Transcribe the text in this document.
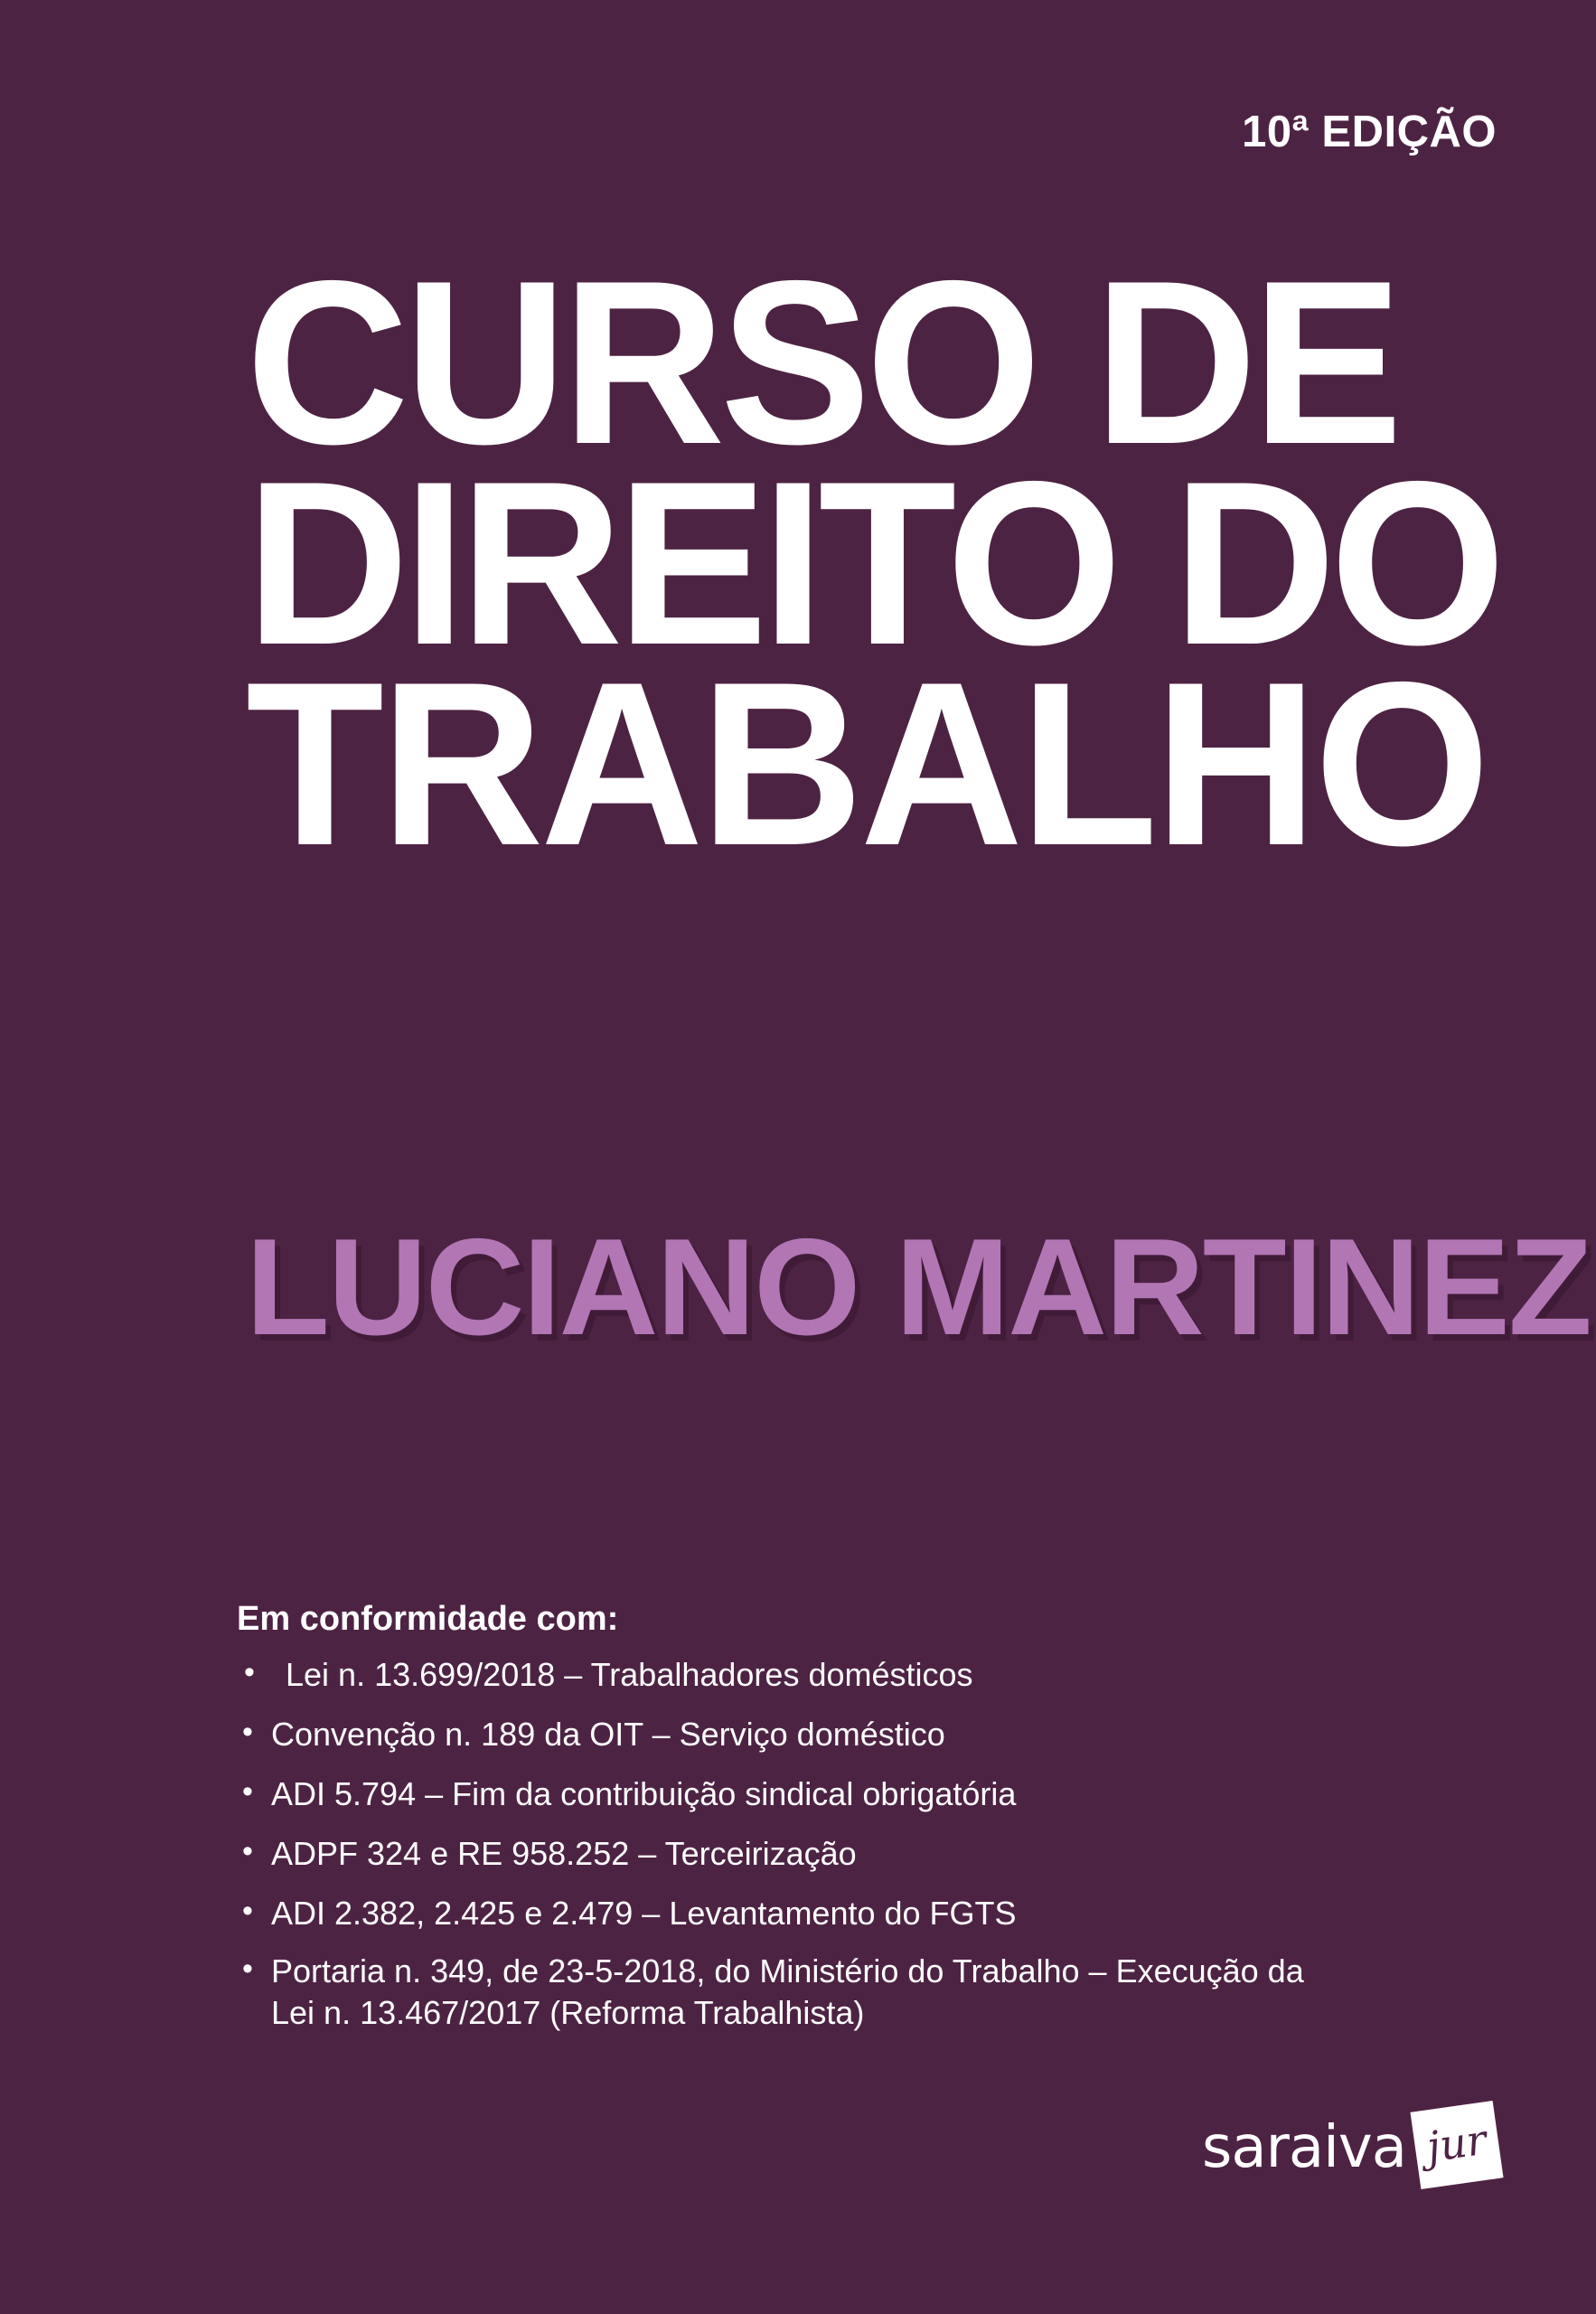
10ª EDIÇÃO
CURSO DE
DIREITO DO
TRABALHO
LUCIANO MARTINEZ
Em conformidade com:
• Lei n. 13.699/2018 – Trabalhadores domésticos
• Convenção n. 189 da OIT – Serviço doméstico
• ADI 5.794 – Fim da contribuição sindical obrigatória
• ADPF 324 e RE 958.252 – Terceirização
• ADI 2.382, 2.425 e 2.479 – Levantamento do FGTS
• Portaria n. 349, de 23-5-2018, do Ministério do Trabalho – Execução da Lei n. 13.467/2017 (Reforma Trabalhista)
saraiva jur
